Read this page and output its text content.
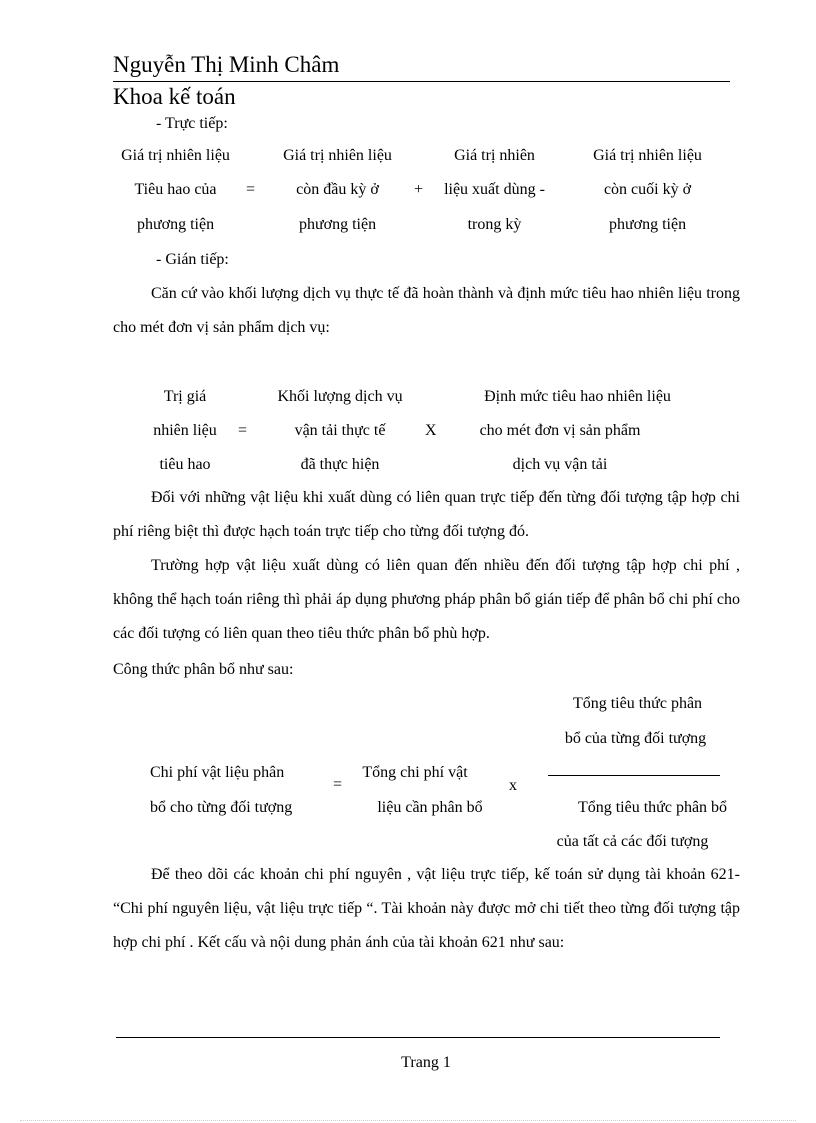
Nguyễn Thị Minh Châm
Khoa kế toán
- Trực tiếp:
Giá trị nhiên liệu
Tiêu hao của
phương tiện
=
Giá trị nhiên liệu
còn đầu kỳ ở
phương tiện
+
Giá trị nhiên
liệu xuất dùng -
trong kỳ
Giá trị nhiên liệu
còn cuối kỳ ở
phương tiện
- Gián tiếp:
Căn cứ vào khối lượng dịch vụ thực tế đã hoàn thành và định mức tiêu hao nhiên liệu trong cho mét đơn vị sản phẩm dịch vụ:
Trị giá
nhiên liệu
tiêu hao
=
Khối lượng dịch vụ
vận tải thực tế
đã thực hiện
X
Định mức tiêu hao nhiên liệu
cho mét đơn vị sản phẩm
dịch vụ vận tải
Đối với những vật liệu khi xuất dùng có liên quan trực tiếp đến từng đối tượng tập hợp chi phí riêng biệt thì được hạch toán trực tiếp cho từng đối tượng đó.
Trường hợp vật liệu xuất dùng có liên quan đến nhiều đến đối tượng tập hợp chi phí , không thể hạch toán riêng thì phải áp dụng phương pháp phân bổ gián tiếp để phân bổ chi phí cho các đối tượng có liên quan theo tiêu thức phân bổ phù hợp.
Công thức phân bổ như sau:
Tổng tiêu thức phân
bổ của từng đối tượng
Chi phí vật liệu phân
bổ cho từng đối tượng
=
Tổng chi phí vật
liệu cần phân bổ
x
Tổng tiêu thức phân bổ
của tất cả các đối tượng
Để theo dõi các khoản chi phí nguyên , vật liệu trực tiếp, kế toán sử dụng tài khoản 621- “Chi phí nguyên liệu, vật liệu trực tiếp “. Tài khoản này được mở chi tiết theo từng đối tượng tập hợp chi phí . Kết cấu và nội dung phản ánh của tài khoản 621 như sau:
Trang 1
